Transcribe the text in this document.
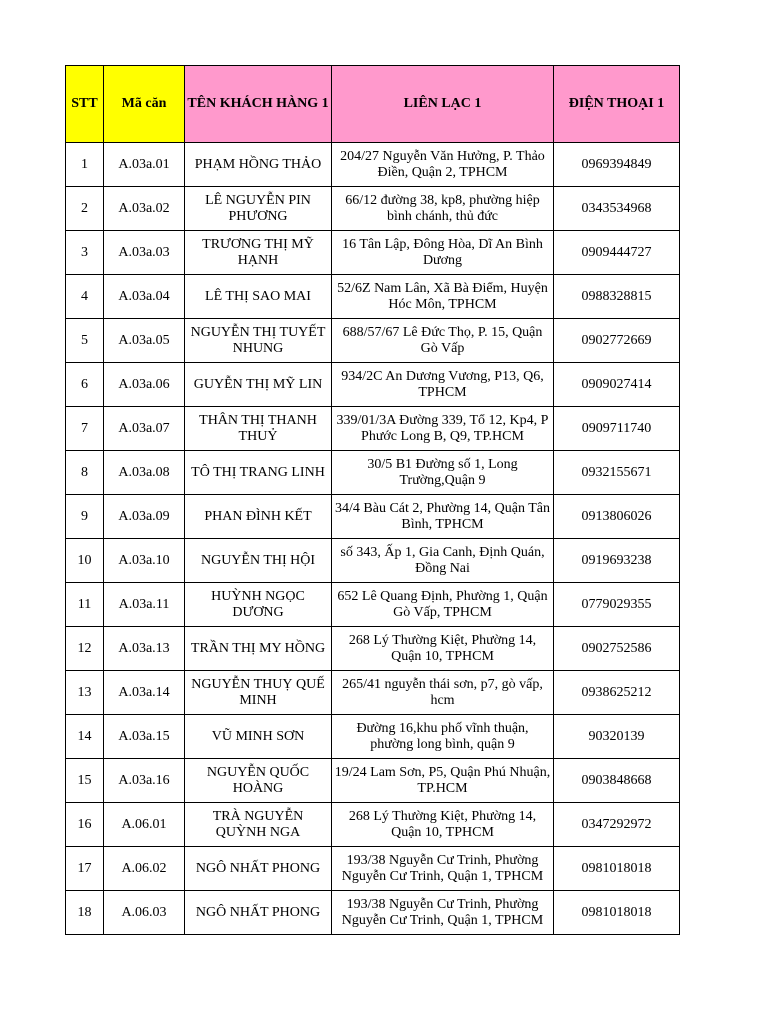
STT	Mã căn	TÊN KHÁCH HÀNG 1	LIÊN LẠC 1	ĐIỆN THOẠI 1
1	A.03a.01	PHẠM HỒNG THẢO	204/27 Nguyễn Văn Hưởng, P. Thảo Điền, Quận 2, TPHCM	0969394849
2	A.03a.02	LÊ NGUYỄN PIN PHƯƠNG	66/12 đường 38, kp8, phường hiệp bình chánh, thủ đức	0343534968
3	A.03a.03	TRƯƠNG THỊ MỸ HẠNH	16 Tân Lập, Đông Hòa, Dĩ An Bình Dương	0909444727
4	A.03a.04	LÊ THỊ SAO MAI	52/6Z Nam Lân, Xã Bà Điểm, Huyện Hóc Môn, TPHCM	0988328815
5	A.03a.05	NGUYỄN THỊ TUYẾT NHUNG	688/57/67 Lê Đức Thọ, P. 15, Quận Gò Vấp	0902772669
6	A.03a.06	GUYỄN THỊ MỸ LIN	934/2C An Dương Vương, P13, Q6, TPHCM	0909027414
7	A.03a.07	THÂN THỊ THANH THUỶ	339/01/3A Đường 339, Tổ 12, Kp4, P Phước Long B, Q9, TP.HCM	0909711740
8	A.03a.08	TÔ THỊ TRANG LINH	30/5 B1 Đường số 1, Long Trường,Quận 9	0932155671
9	A.03a.09	PHAN ĐÌNH KẾT	34/4 Bàu Cát 2, Phường 14, Quận Tân Bình, TPHCM	0913806026
10	A.03a.10	NGUYỄN THỊ HỘI	số 343, Ấp 1, Gia Canh, Định Quán, Đồng Nai	0919693238
11	A.03a.11	HUỲNH NGỌC DƯƠNG	652 Lê Quang Định, Phường 1, Quận Gò Vấp, TPHCM	0779029355
12	A.03a.13	TRẦN THỊ MY HỒNG	268 Lý Thường Kiệt, Phường 14, Quận 10, TPHCM	0902752586
13	A.03a.14	NGUYỄN THUỴ QUẾ MINH	265/41 nguyễn thái sơn, p7, gò vấp, hcm	0938625212
14	A.03a.15	VŨ MINH SƠN	Đường 16,khu phố vĩnh thuận, phường long bình, quận 9	90320139
15	A.03a.16	NGUYỄN QUỐC HOÀNG	19/24 Lam Sơn, P5, Quận Phú Nhuận, TP.HCM	0903848668
16	A.06.01	TRÀ NGUYỄN QUỲNH NGA	268 Lý Thường Kiệt, Phường 14, Quận 10, TPHCM	0347292972
17	A.06.02	NGÔ NHẤT PHONG	193/38 Nguyễn Cư Trinh, Phường Nguyễn Cư Trinh, Quận 1, TPHCM	0981018018
18	A.06.03	NGÔ NHẤT PHONG	193/38 Nguyễn Cư Trinh, Phường Nguyễn Cư Trinh, Quận 1, TPHCM	0981018018
